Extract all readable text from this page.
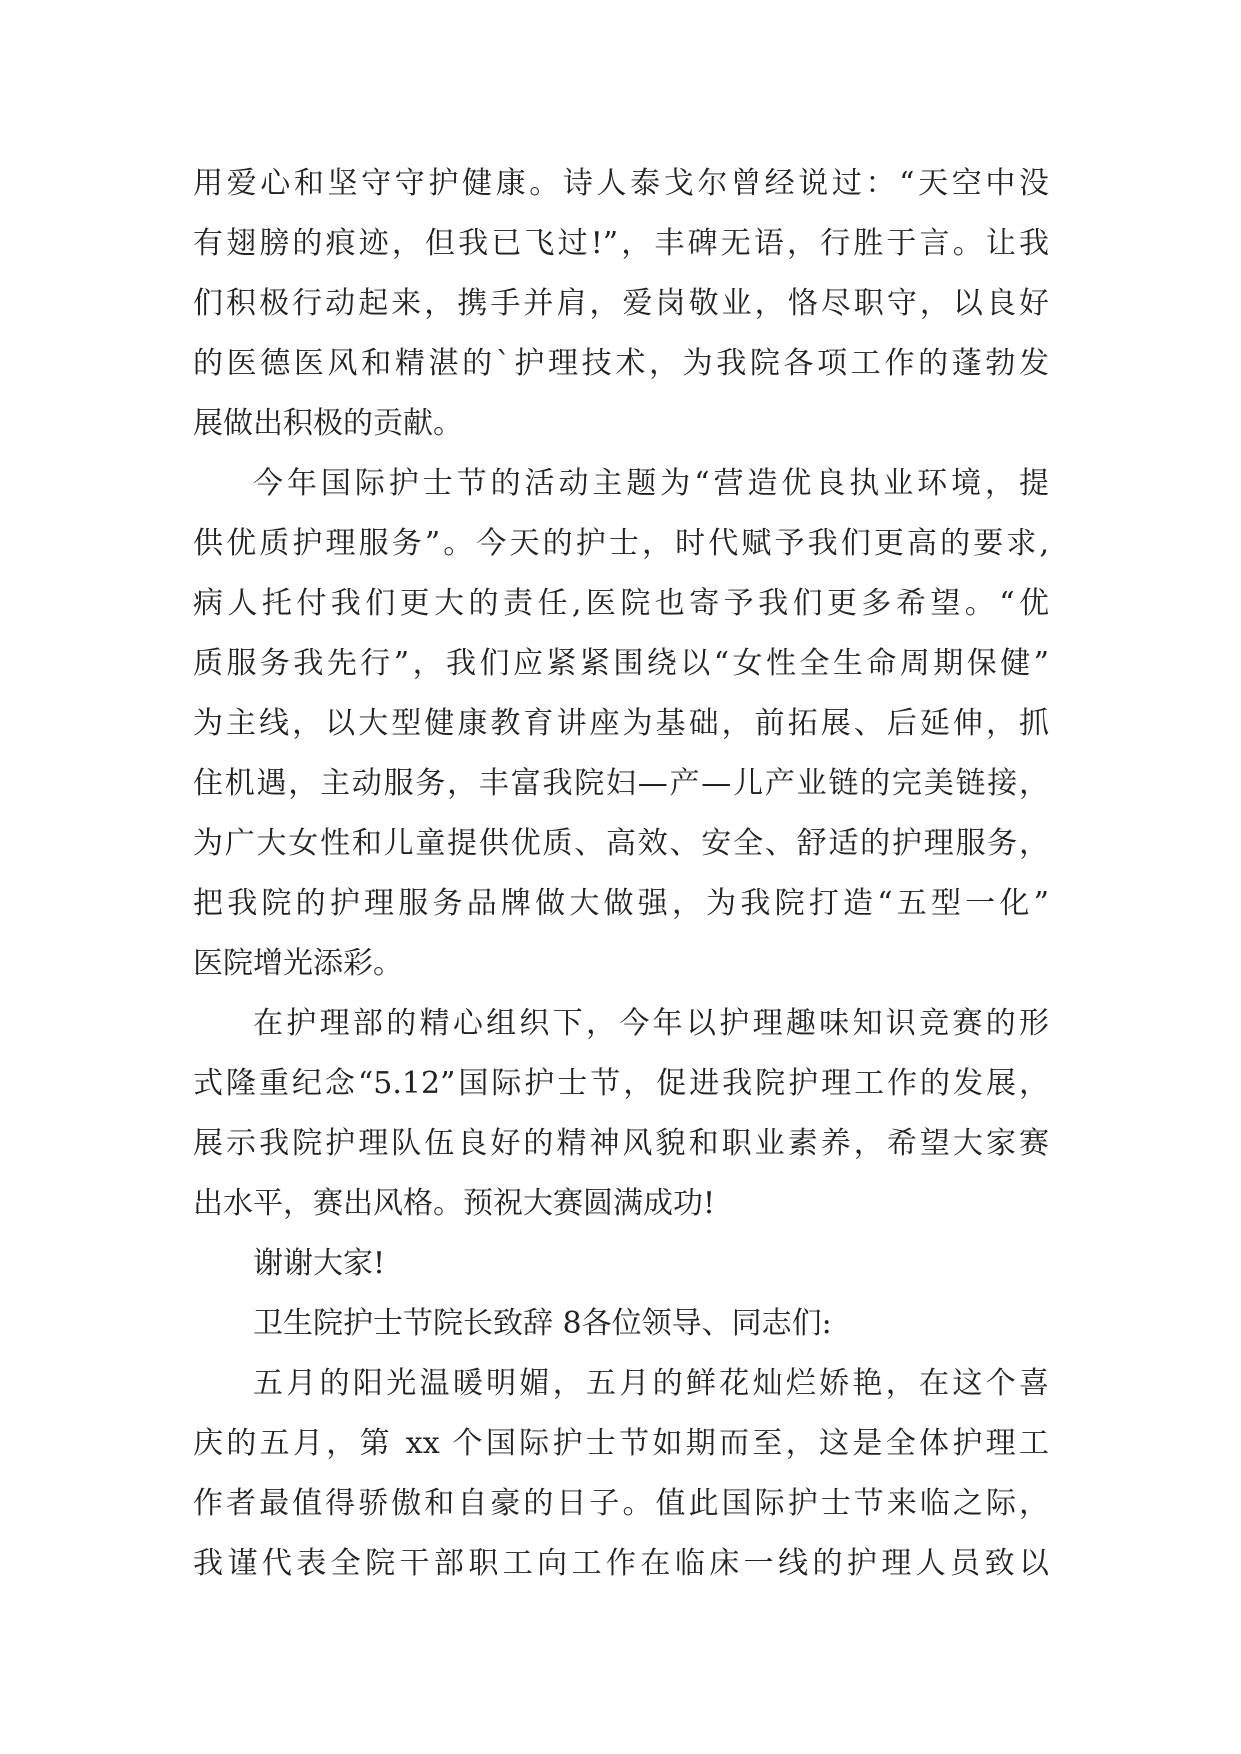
用爱心和坚守守护健康。诗人泰戈尔曾经说过：“天空中没
有翅膀的痕迹，但我已飞过!”，丰碑无语，行胜于言。让我
们积极行动起来，携手并肩，爱岗敬业，恪尽职守，以良好
的医德医风和精湛的`护理技术，为我院各项工作的蓬勃发
展做出积极的贡献。
今年国际护士节的活动主题为“营造优良执业环境，提
供优质护理服务”。今天的护士，时代赋予我们更高的要求,
病人托付我们更大的责任,医院也寄予我们更多希望。“优
质服务我先行”，我们应紧紧围绕以“女性全生命周期保健”
为主线，以大型健康教育讲座为基础，前拓展、后延伸，抓
住机遇，主动服务，丰富我院妇—产—儿产业链的完美链接，
为广大女性和儿童提供优质、高效、安全、舒适的护理服务，
把我院的护理服务品牌做大做强，为我院打造“五型一化”
医院增光添彩。
在护理部的精心组织下，今年以护理趣味知识竞赛的形
式隆重纪念“5.12”国际护士节，促进我院护理工作的发展，
展示我院护理队伍良好的精神风貌和职业素养，希望大家赛
出水平，赛出风格。预祝大赛圆满成功!
谢谢大家!
卫生院护士节院长致辞 8各位领导、同志们:
五月的阳光温暖明媚，五月的鲜花灿烂娇艳，在这个喜
庆的五月，第 xx 个国际护士节如期而至，这是全体护理工
作者最值得骄傲和自豪的日子。值此国际护士节来临之际，
我谨代表全院干部职工向工作在临床一线的护理人员致以
